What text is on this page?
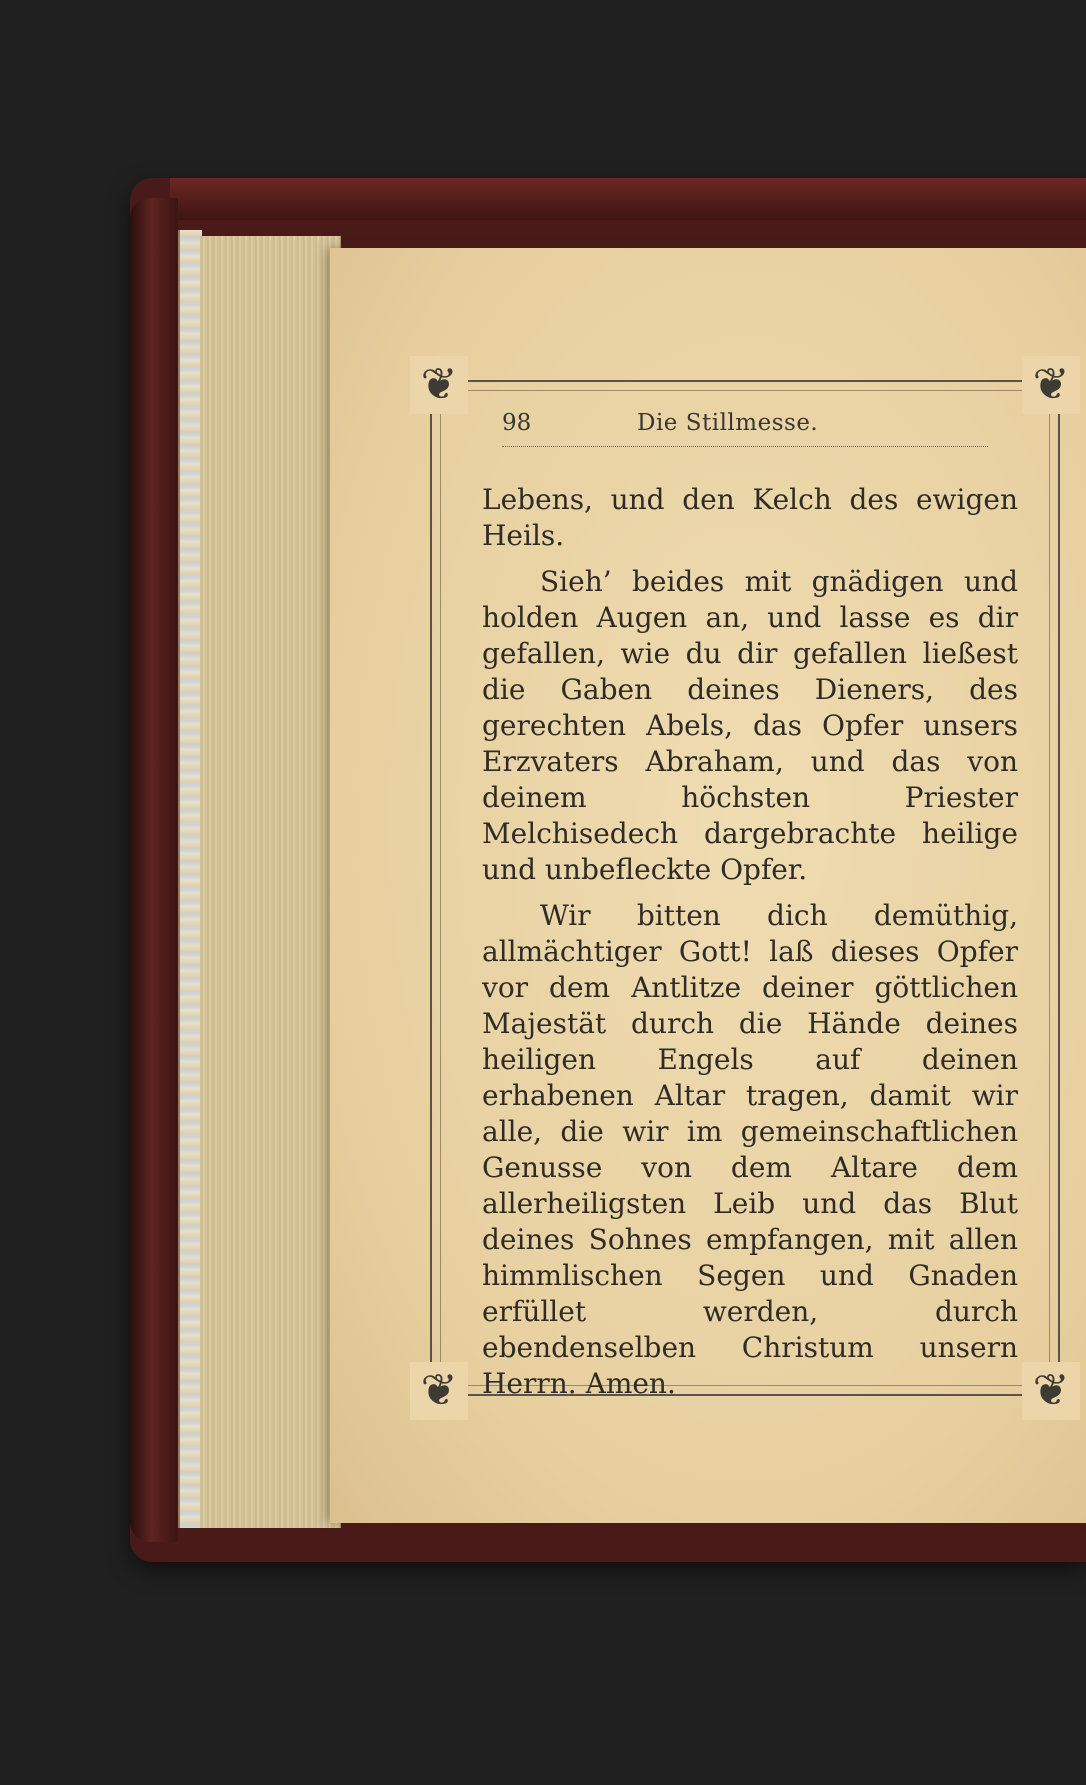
❦	❦
❦	❦
98	Die Stillmesse.

Lebens, und den Kelch des ewigen Heils.

Sieh’ beides mit gnädigen und holden Augen an, und lasse es dir gefallen, wie du dir gefallen ließest die Gaben deines Dieners, des gerechten Abels, das Opfer unsers Erzvaters Abraham, und das von deinem höchsten Priester Melchisedech dargebrachte heilige und unbefleckte Opfer.

Wir bitten dich demüthig, allmächtiger Gott! laß dieses Opfer vor dem Antlitze deiner göttlichen Majestät durch die Hände deines heiligen Engels auf deinen erhabenen Altar tragen, damit wir alle, die wir im gemeinschaftlichen Genusse von dem Altare dem allerheiligsten Leib und das Blut deines Sohnes empfangen, mit allen himmlischen Segen und Gnaden erfüllet werden, durch ebendenselben Christum unsern Herrn. Amen.
